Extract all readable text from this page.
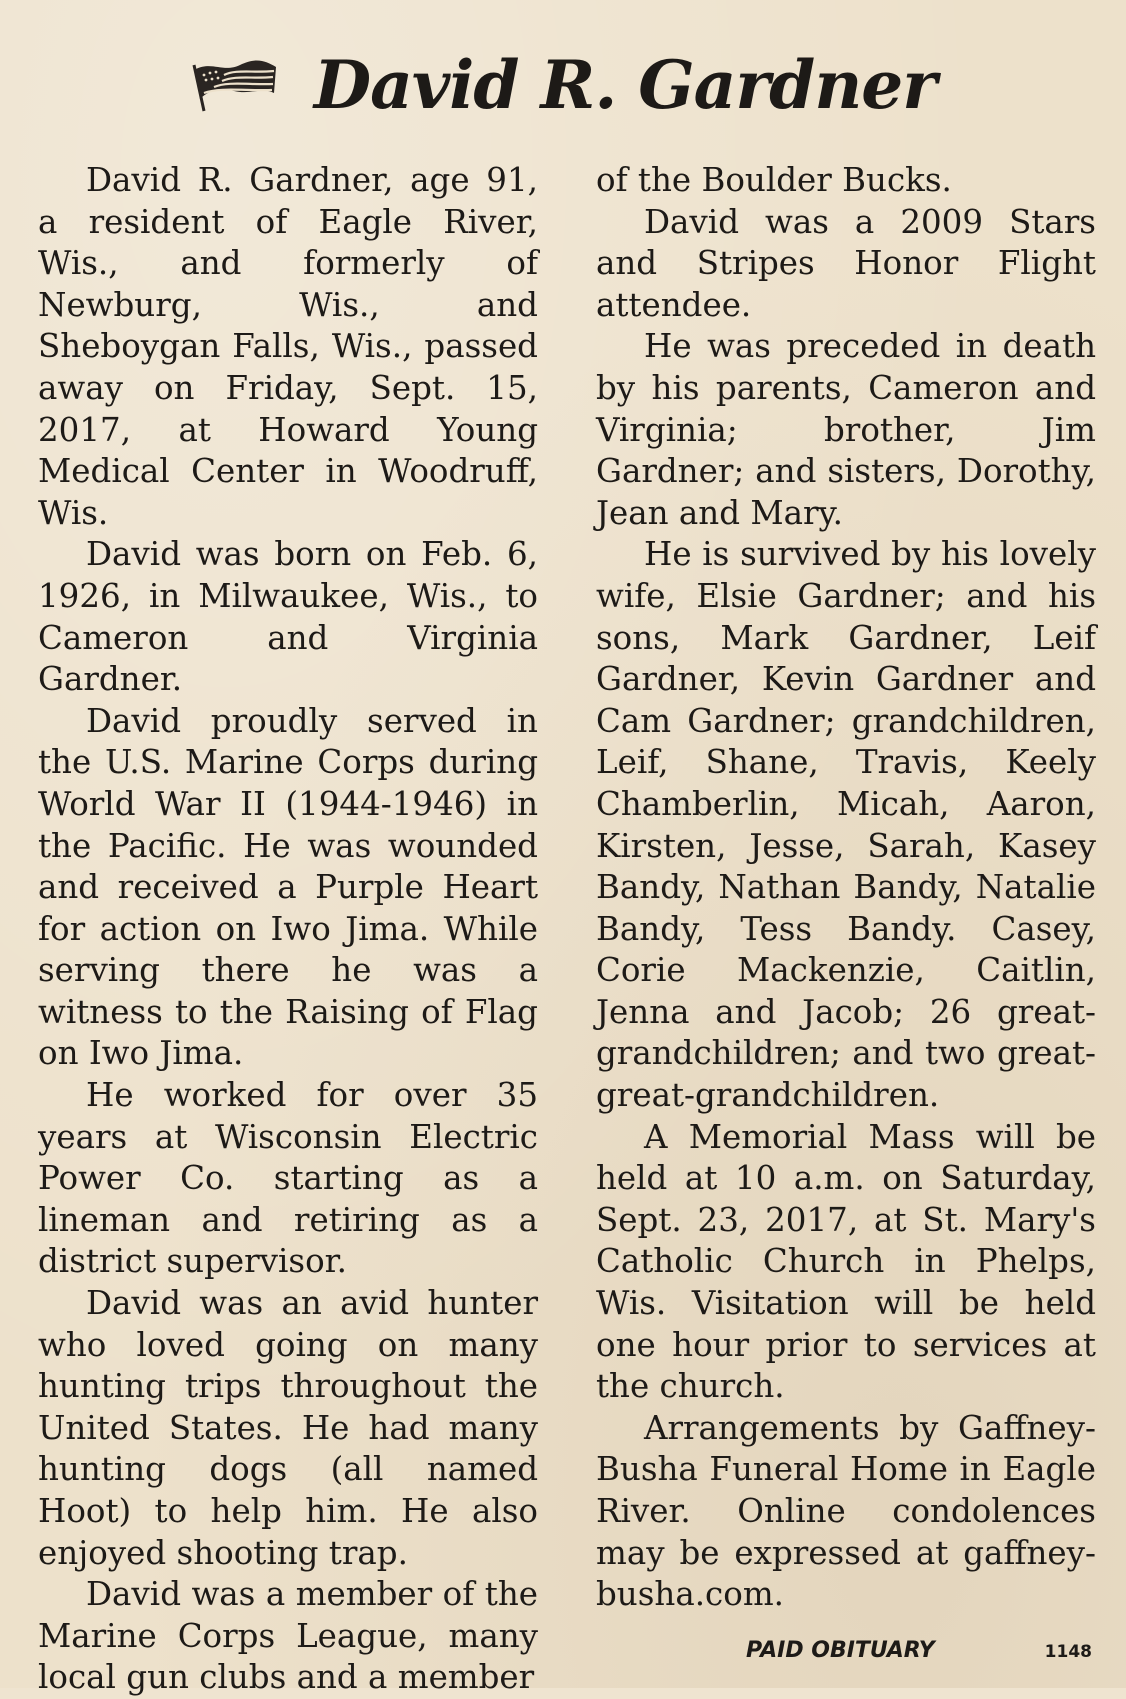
David R. Gardner

David R. Gardner, age 91, a resident of Eagle River, Wis., and formerly of Newburg, Wis., and Sheboygan Falls, Wis., passed away on Friday, Sept. 15, 2017, at Howard Young Medical Center in Woodruff, Wis.

David was born on Feb. 6, 1926, in Milwaukee, Wis., to Cameron and Virginia Gardner.

David proudly served in the U.S. Marine Corps during World War II (1944-1946) in the Pacific. He was wounded and received a Purple Heart for action on Iwo Jima. While serving there he was a witness to the Raising of Flag on Iwo Jima.

He worked for over 35 years at Wisconsin Electric Power Co. starting as a lineman and retiring as a district supervisor.

David was an avid hunter who loved going on many hunting trips throughout the United States. He had many hunting dogs (all named Hoot) to help him. He also enjoyed shooting trap.

David was a member of the Marine Corps League, many local gun clubs and a member

of the Boulder Bucks.

David was a 2009 Stars and Stripes Honor Flight attendee.

He was preceded in death by his parents, Cameron and Virginia; brother, Jim Gardner; and sisters, Dorothy, Jean and Mary.

He is survived by his lovely wife, Elsie Gardner; and his sons, Mark Gardner, Leif Gardner, Kevin Gardner and Cam Gardner; grandchildren, Leif, Shane, Travis, Keely Chamberlin, Micah, Aaron, Kirsten, Jesse, Sarah, Kasey Bandy, Nathan Bandy, Natalie Bandy, Tess Bandy. Casey, Corie Mackenzie, Caitlin, Jenna and Jacob; 26 great-grandchildren; and two great-great-grandchildren.

A Memorial Mass will be held at 10 a.m. on Saturday, Sept. 23, 2017, at St. Mary's Catholic Church in Phelps, Wis. Visitation will be held one hour prior to services at the church.

Arrangements by Gaffney-Busha Funeral Home in Eagle River. Online condolences may be expressed at gaffney-busha.com.

PAID OBITUARY	1148
